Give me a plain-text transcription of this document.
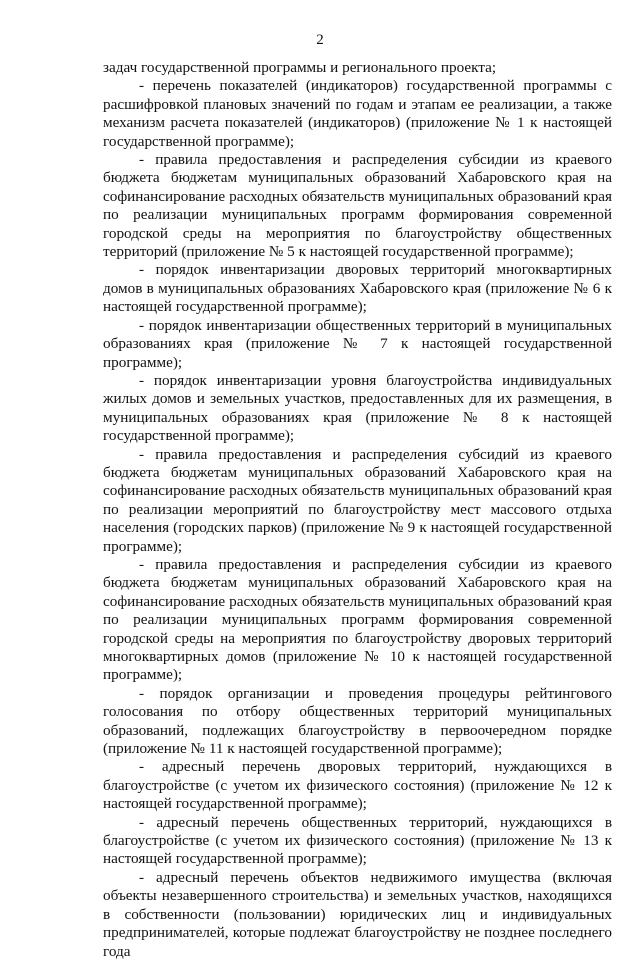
2

задач государственной программы и регионального проекта;

- перечень показателей (индикаторов) государственной программы с расшифровкой плановых значений по годам и этапам ее реализации, а также механизм расчета показателей (индикаторов) (приложение № 1 к настоящей государственной программе);

- правила предоставления и распределения субсидии из краевого бюджета бюджетам муниципальных образований Хабаровского края на софинансирование расходных обязательств муниципальных образований края по реализации муниципальных программ формирования современной городской среды на мероприятия по благоустройству общественных территорий (приложение № 5 к настоящей государственной программе);

- порядок инвентаризации дворовых территорий многоквартирных домов в муниципальных образованиях Хабаровского края (приложение № 6 к настоящей государственной программе);

- порядок инвентаризации общественных территорий в муниципальных образованиях края (приложение № 7 к настоящей государственной программе);

- порядок инвентаризации уровня благоустройства индивидуальных жилых домов и земельных участков, предоставленных для их размещения, в муниципальных образованиях края (приложение № 8 к настоящей государственной программе);

- правила предоставления и распределения субсидий из краевого бюджета бюджетам муниципальных образований Хабаровского края на софинансирование расходных обязательств муниципальных образований края по реализации мероприятий по благоустройству мест массового отдыха населения (городских парков) (приложение № 9 к настоящей государственной программе);

- правила предоставления и распределения субсидии из краевого бюджета бюджетам муниципальных образований Хабаровского края на софинансирование расходных обязательств муниципальных образований края по реализации муниципальных программ формирования современной городской среды на мероприятия по благоустройству дворовых территорий многоквартирных домов (приложение № 10 к настоящей государственной программе);

- порядок организации и проведения процедуры рейтингового голосования по отбору общественных территорий муниципальных образований, подлежащих благоустройству в первоочередном порядке (приложение № 11 к настоящей государственной программе);

- адресный перечень дворовых территорий, нуждающихся в благоустройстве (с учетом их физического состояния) (приложение № 12 к настоящей государственной программе);

- адресный перечень общественных территорий, нуждающихся в благоустройстве (с учетом их физического состояния) (приложение № 13 к настоящей государственной программе);

- адресный перечень объектов недвижимого имущества (включая объекты незавершенного строительства) и земельных участков, находящихся в собственности (пользовании) юридических лиц и индивидуальных предпринимателей, которые подлежат благоустройству не позднее последнего года
